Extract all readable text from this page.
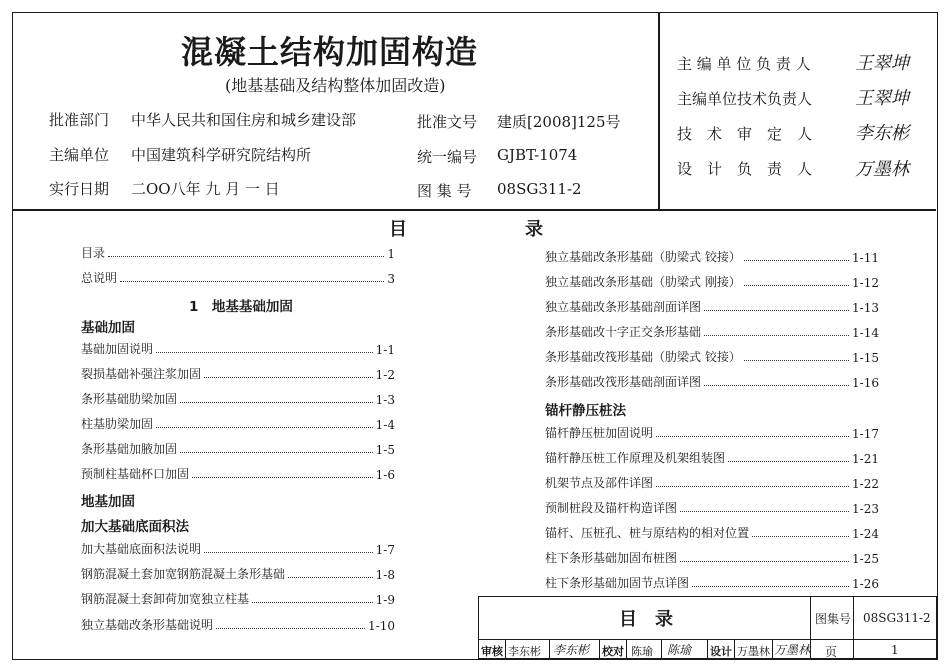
混凝土结构加固构造
(地基基础及结构整体加固改造)
批准部门 中华人民共和国住房和城乡建设部
主编单位 中国建筑科学研究院结构所
实行日期 二OO八年 九 月 一 日
批准文号 建质[2008]125号
统一编号 GJBT-1074
图 集 号 08SG311-2
主 编 单 位 负 责 人 王翠坤
主编单位技术负责人 王翠坤
技　术　审　定　人 李东彬
设　计　负　责　人 万墨林
目	录
目录	1
总说明	3
1　地基基础加固
基础加固
基础加固说明	1-1
裂损基础补强注浆加固	1-2
条形基础肋梁加固	1-3
柱基肋梁加固	1-4
条形基础加腋加固	1-5
预制柱基础杯口加固	1-6
地基加固
加大基础底面积法
加大基础底面积法说明	1-7
钢筋混凝土套加宽钢筋混凝土条形基础	1-8
钢筋混凝土套卸荷加宽独立柱基	1-9
独立基础改条形基础说明	1-10
独立基础改条形基础（肋梁式 铰接）	1-11
独立基础改条形基础（肋梁式 刚接）	1-12
独立基础改条形基础剖面详图	1-13
条形基础改十字正交条形基础	1-14
条形基础改筏形基础（肋梁式 铰接）	1-15
条形基础改筏形基础剖面详图	1-16
锚杆静压桩法
锚杆静压桩加固说明	1-17
锚杆静压桩工作原理及机架组装图	1-21
机架节点及部件详图	1-22
预制桩段及锚杆构造详图	1-23
锚杆、压桩孔、桩与原结构的相对位置	1-24
柱下条形基础加固布桩图	1-25
柱下条形基础加固节点详图	1-26
目　录	图集号 08SG311-2
页	1
审核 李东彬 李东彬 校对 陈瑜 陈瑜 设计 万墨林 万墨林
